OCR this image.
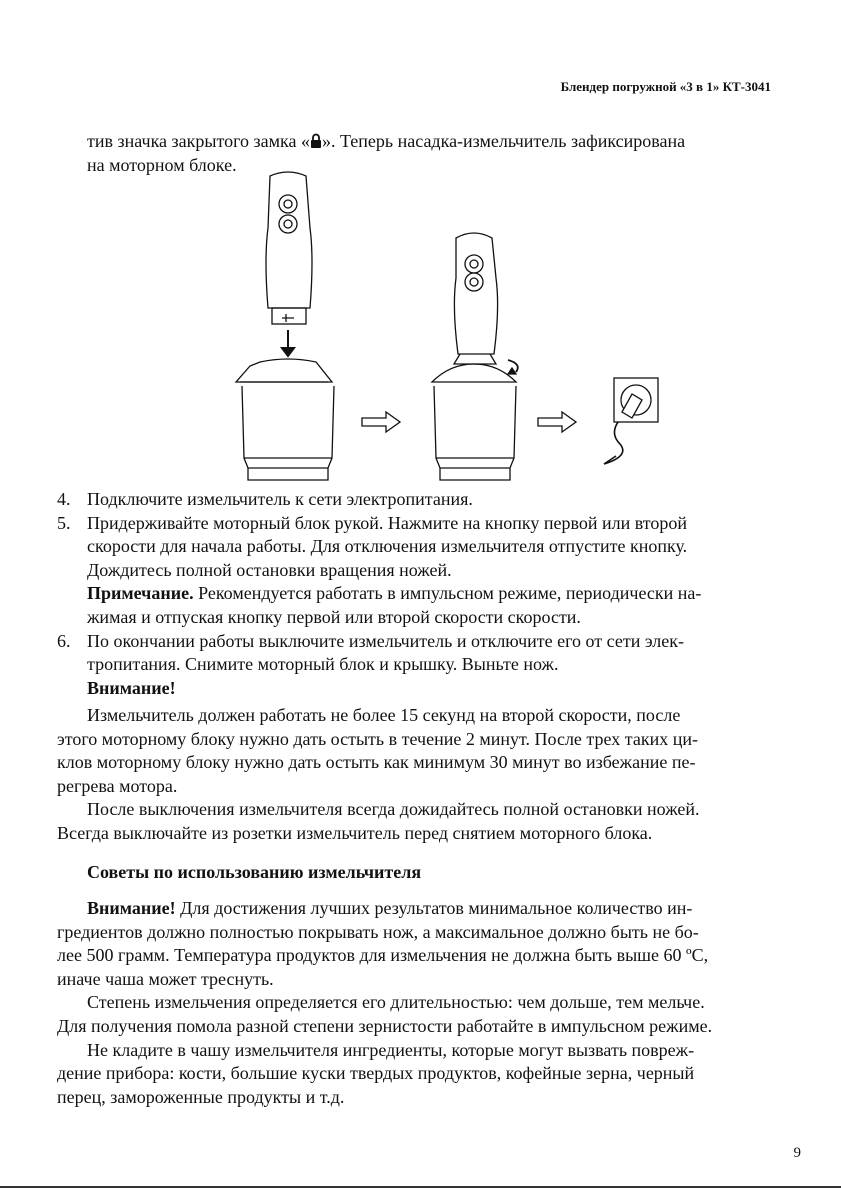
Блендер погружной «3 в 1» КТ-3041

тив значка закрытого замка « ». Теперь насадка-измельчитель зафиксирована
на моторном блоке.

4. Подключите измельчитель к сети электропитания.
5. Придерживайте моторный блок рукой. Нажмите на кнопку первой или второй
скорости для начала работы. Для отключения измельчителя отпустите кнопку.
Дождитесь полной остановки вращения ножей.
Примечание. Рекомендуется работать в импульсном режиме, периодически на-
жимая и отпуская кнопку первой или второй скорости скорости.
6. По окончании работы выключите измельчитель и отключите его от сети элек-
тропитания. Снимите моторный блок и крышку. Выньте нож.
Внимание!
Измельчитель должен работать не более 15 секунд на второй скорости, после
этого моторному блоку нужно дать остыть в течение 2 минут. После трех таких ци-
клов моторному блоку нужно дать остыть как минимум 30 минут во избежание пе-
регрева мотора.
После выключения измельчителя всегда дожидайтесь полной остановки ножей.
Всегда выключайте из розетки измельчитель перед снятием моторного блока.
Советы по использованию измельчителя
Внимание! Для достижения лучших результатов минимальное количество ин-
гредиентов должно полностью покрывать нож, а максимальное должно быть не бо-
лее 500 грамм. Температура продуктов для измельчения не должна быть выше 60 ºС,
иначе чаша может треснуть.
Степень измельчения определяется его длительностью: чем дольше, тем мельче.
Для получения помола разной степени зернистости работайте в импульсном режиме.
Не кладите в чашу измельчителя ингредиенты, которые могут вызвать повреж-
дение прибора: кости, большие куски твердых продуктов, кофейные зерна, черный
перец, замороженные продукты и т.д.
9
